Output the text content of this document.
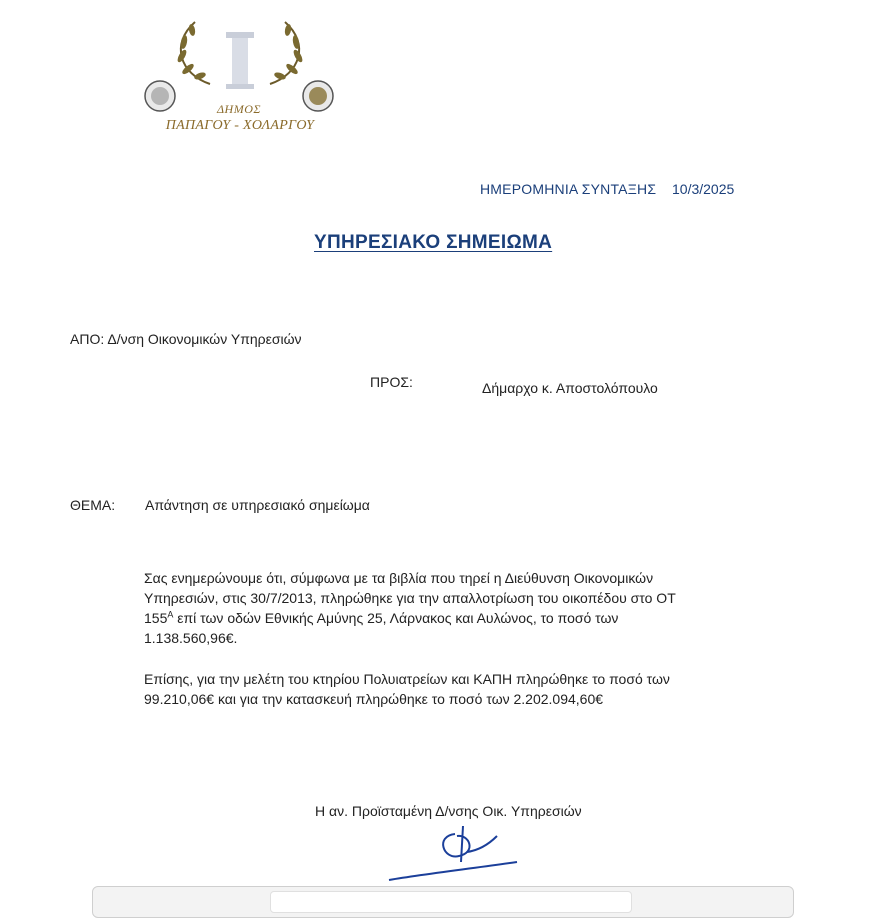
ΔΗΜΟΣ
ΠΑΠΑΓΟΥ - ΧΟΛΑΡΓΟΥ
ΗΜΕΡΟΜΗΝΙΑ ΣΥΝΤΑΞΗΣ 10/3/2025
ΥΠΗΡΕΣΙΑΚΟ ΣΗΜΕΙΩΜΑ
ΑΠΟ: Δ/νση Οικονομικών Υπηρεσιών
ΠΡΟΣ:	Δήμαρχο κ. Αποστολόπουλο
ΘΕΜΑ: Απάντηση σε υπηρεσιακό σημείωμα
Σας ενημερώνουμε ότι, σύμφωνα με τα βιβλία που τηρεί η Διεύθυνση Οικονομικών
Υπηρεσιών, στις 30/7/2013, πληρώθηκε για την απαλλοτρίωση του οικοπέδου στο ΟΤ
$155^A$ επί των οδών Εθνικής Αμύνης 25, Λάρνακος και Αυλώνος, το ποσό των
1.138.560,96€.
Επίσης, για την μελέτη του κτηρίου Πολυιατρείων και ΚΑΠΗ πληρώθηκε το ποσό των
99.210,06€ και για την κατασκευή πληρώθηκε το ποσό των 2.202.094,60€
Η αν. Προϊσταμένη Δ/νσης Οικ. Υπηρεσιών
